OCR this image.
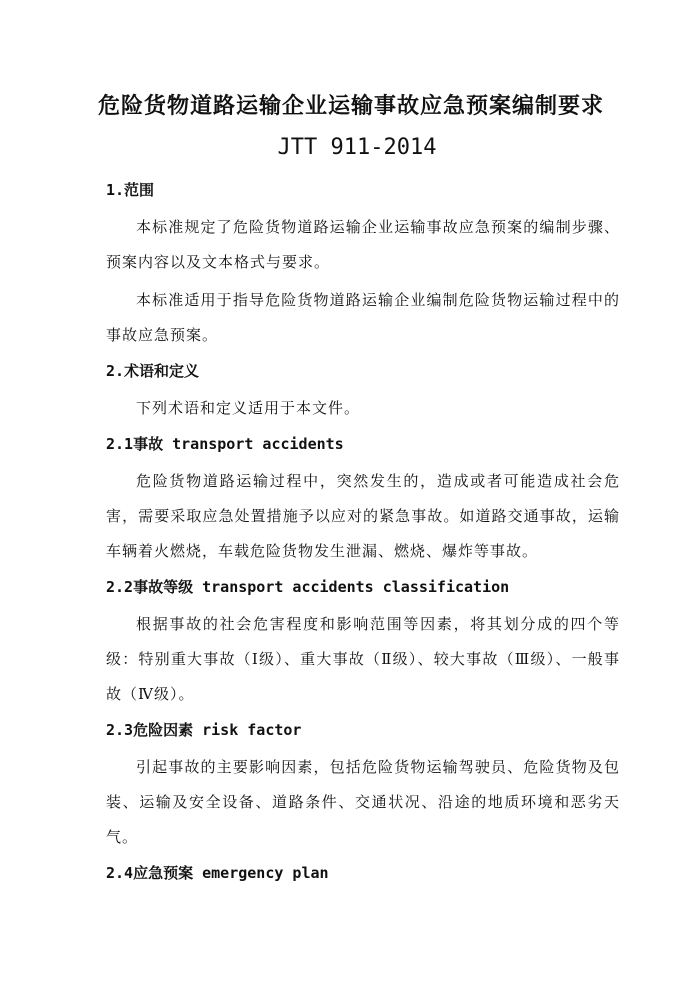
危险货物道路运输企业运输事故应急预案编制要求
JTT 911-2014
1.范围

本标准规定了危险货物道路运输企业运输事故应急预案的编制步骤、预案内容以及文本格式与要求。

本标准适用于指导危险货物道路运输企业编制危险货物运输过程中的事故应急预案。

2.术语和定义

下列术语和定义适用于本文件。

2.1事故 transport accidents

危险货物道路运输过程中，突然发生的，造成或者可能造成社会危害，需要采取应急处置措施予以应对的紧急事故。如道路交通事故，运输车辆着火燃烧，车载危险货物发生泄漏、燃烧、爆炸等事故。

2.2事故等级 transport accidents classification

根据事故的社会危害程度和影响范围等因素，将其划分成的四个等级：特别重大事故（Ⅰ级）、重大事故（Ⅱ级）、较大事故（Ⅲ级）、一般事故（Ⅳ级）。

2.3危险因素 risk factor

引起事故的主要影响因素，包括危险货物运输驾驶员、危险货物及包装、运输及安全设备、道路条件、交通状况、沿途的地质环境和恶劣天气。

2.4应急预案 emergency plan
